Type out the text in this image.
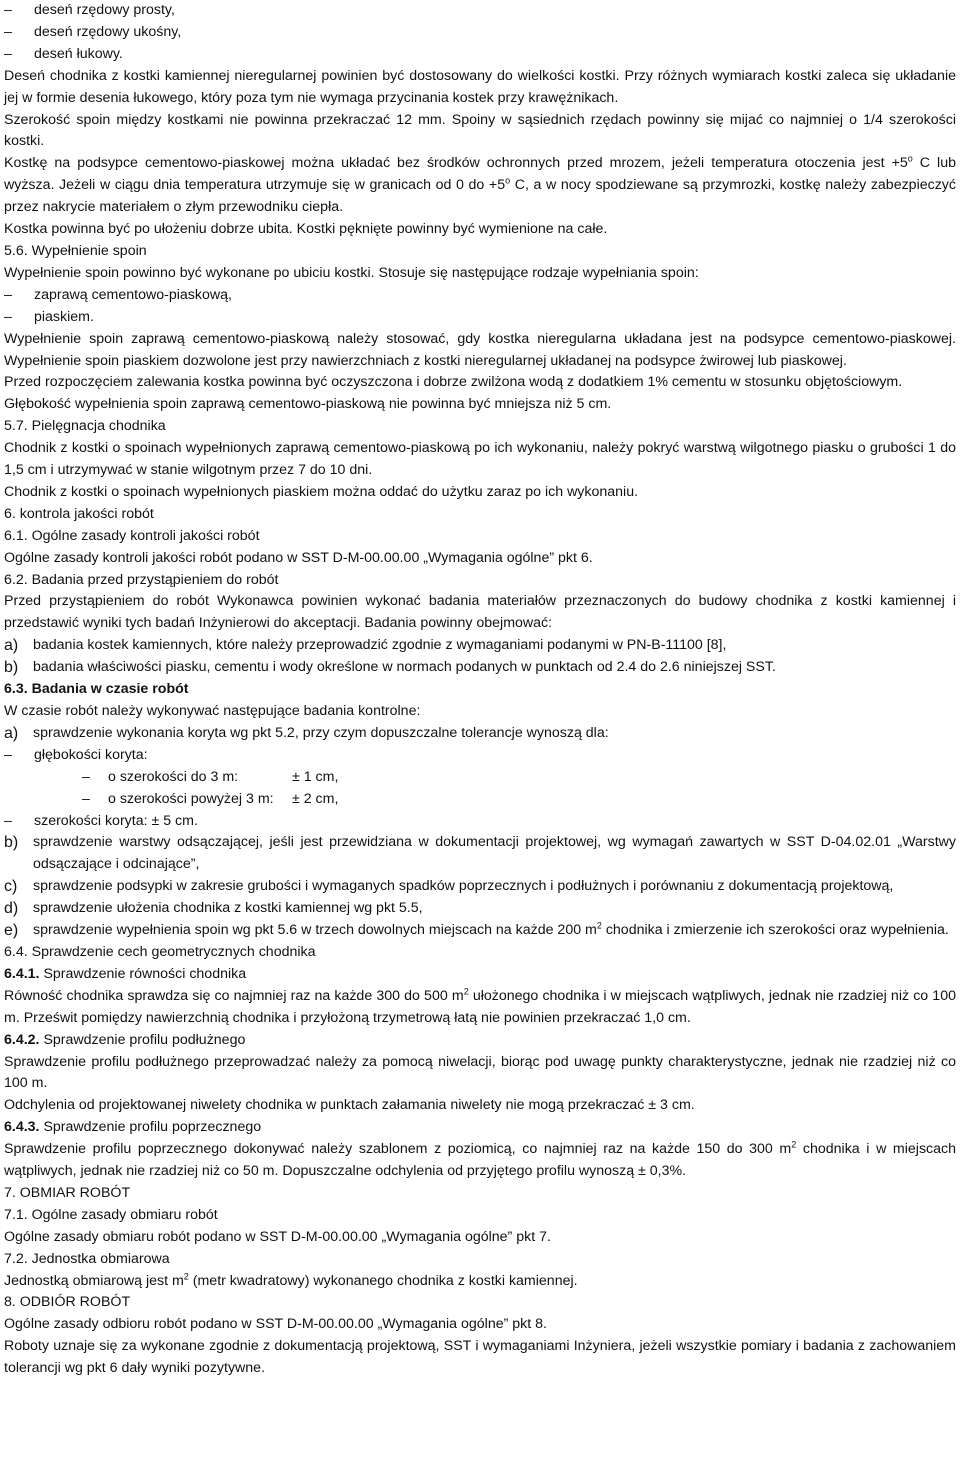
– deseń rzędowy prosty,

– deseń rzędowy ukośny,

– deseń łukowy.

Deseń chodnika z kostki kamiennej nieregularnej powinien być dostosowany do wielkości kostki. Przy różnych wymiarach kostki zaleca się układanie jej w formie desenia łukowego, który poza tym nie wymaga przycinania kostek przy krawężnikach.

Szerokość spoin między kostkami nie powinna przekraczać 12 mm. Spoiny w sąsiednich rzędach powinny się mijać co najmniej o 1/4 szerokości kostki.

Kostkę na podsypce cementowo-piaskowej można układać bez środków ochronnych przed mrozem, jeżeli temperatura otoczenia jest $+5^o$ C lub wyższa. Jeżeli w ciągu dnia temperatura utrzymuje się w granicach od 0 do $+5^o$ C, a w nocy spodziewane są przymrozki, kostkę należy zabezpieczyć przez nakrycie materiałem o złym przewodniku ciepła.

Kostka powinna być po ułożeniu dobrze ubita. Kostki pęknięte powinny być wymienione na całe.

5.6. Wypełnienie spoin

Wypełnienie spoin powinno być wykonane po ubiciu kostki. Stosuje się następujące rodzaje wypełniania spoin:

– zaprawą cementowo-piaskową,

– piaskiem.

Wypełnienie spoin zaprawą cementowo-piaskową należy stosować, gdy kostka nieregularna układana jest na podsypce cementowo-piaskowej. Wypełnienie spoin piaskiem dozwolone jest przy nawierzchniach z kostki nieregularnej układanej na podsypce żwirowej lub piaskowej.

Przed rozpoczęciem zalewania kostka powinna być oczyszczona i dobrze zwilżona wodą z dodatkiem 1% cementu w stosunku objętościowym.

Głębokość wypełnienia spoin zaprawą cementowo-piaskową nie powinna być mniejsza niż 5 cm.

5.7. Pielęgnacja chodnika

Chodnik z kostki o spoinach wypełnionych zaprawą cementowo-piaskową po ich wykonaniu, należy pokryć warstwą wilgotnego piasku o grubości 1 do 1,5 cm i utrzymywać w stanie wilgotnym przez 7 do 10 dni.

Chodnik z kostki o spoinach wypełnionych piaskiem można oddać do użytku zaraz po ich wykonaniu.

6. kontrola jakości robót

6.1. Ogólne zasady kontroli jakości robót

Ogólne zasady kontroli jakości robót podano w SST D-M-00.00.00 „Wymagania ogólne” pkt 6.

6.2. Badania przed przystąpieniem do robót

Przed przystąpieniem do robót Wykonawca powinien wykonać badania materiałów przeznaczonych do budowy chodnika z kostki kamiennej i przedstawić wyniki tych badań Inżynierowi do akceptacji. Badania powinny obejmować:

a) badania kostek kamiennych, które należy przeprowadzić zgodnie z wymaganiami podanymi w PN-B-11100 [8],

b) badania właściwości piasku, cementu i wody określone w normach podanych w punktach od 2.4 do 2.6 niniejszej SST.

6.3. Badania w czasie robót

W czasie robót należy wykonywać następujące badania kontrolne:

a) sprawdzenie wykonania koryta wg pkt 5.2, przy czym dopuszczalne tolerancje wynoszą dla:

– głębokości koryta:

– o szerokości do 3 m:	± 1 cm,

– o szerokości powyżej 3 m: ± 2 cm,

– szerokości koryta: ± 5 cm.

b) sprawdzenie warstwy odsączającej, jeśli jest przewidziana w dokumentacji projektowej, wg wymagań zawartych w SST D-04.02.01 „Warstwy odsączające i odcinające”,

c) sprawdzenie podsypki w zakresie grubości i wymaganych spadków poprzecznych i podłużnych i porównaniu z dokumentacją projektową,

d) sprawdzenie ułożenia chodnika z kostki kamiennej wg pkt 5.5,

e) sprawdzenie wypełnienia spoin wg pkt 5.6 w trzech dowolnych miejscach na każde 200 $m^2$ chodnika i zmierzenie ich szerokości oraz wypełnienia.

6.4. Sprawdzenie cech geometrycznych chodnika

6.4.1. Sprawdzenie równości chodnika

Równość chodnika sprawdza się co najmniej raz na każde 300 do 500 $m^2$ ułożonego chodnika i w miejscach wątpliwych, jednak nie rzadziej niż co 100 m. Prześwit pomiędzy nawierzchnią chodnika i przyłożoną trzymetrową łatą nie powinien przekraczać 1,0 cm.

6.4.2. Sprawdzenie profilu podłużnego

Sprawdzenie profilu podłużnego przeprowadzać należy za pomocą niwelacji, biorąc pod uwagę punkty charakterystyczne, jednak nie rzadziej niż co 100 m.

Odchylenia od projektowanej niwelety chodnika w punktach załamania niwelety nie mogą przekraczać ± 3 cm.

6.4.3. Sprawdzenie profilu poprzecznego

Sprawdzenie profilu poprzecznego dokonywać należy szablonem z poziomicą, co najmniej raz na każde 150 do 300 $m^2$ chodnika i w miejscach wątpliwych, jednak nie rzadziej niż co 50 m. Dopuszczalne odchylenia od przyjętego profilu wynoszą ± 0,3%.

7. OBMIAR ROBÓT

7.1. Ogólne zasady obmiaru robót

Ogólne zasady obmiaru robót podano w SST D-M-00.00.00 „Wymagania ogólne” pkt 7.

7.2. Jednostka obmiarowa

Jednostką obmiarową jest $m^2$ (metr kwadratowy) wykonanego chodnika z kostki kamiennej.

8. ODBIÓR ROBÓT

Ogólne zasady odbioru robót podano w SST D-M-00.00.00 „Wymagania ogólne” pkt 8.

Roboty uznaje się za wykonane zgodnie z dokumentacją projektową, SST i wymaganiami Inżyniera, jeżeli wszystkie pomiary i badania z zachowaniem tolerancji wg pkt 6 dały wyniki pozytywne.
